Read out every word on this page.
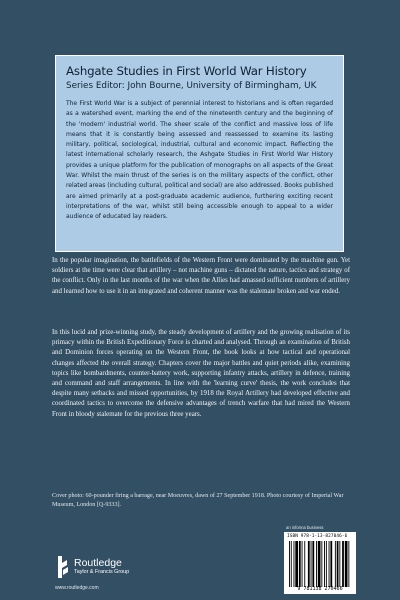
Ashgate Studies in First World War History

Series Editor: John Bourne, University of Birmingham, UK

The First World War is a subject of perennial interest to historians and is often regarded as a watershed event, marking the end of the nineteenth century and the beginning of the 'modern' industrial world. The sheer scale of the conflict and massive loss of life means that it is constantly being assessed and reassessed to examine its lasting military, political, sociological, industrial, cultural and economic impact. Reflecting the latest international scholarly research, the Ashgate Studies in First World War History provides a unique platform for the publication of monographs on all aspects of the Great War. Whilst the main thrust of the series is on the military aspects of the conflict, other related areas (including cultural, political and social) are also addressed. Books published are aimed primarily at a post-graduate academic audience, furthering exciting recent interpretations of the war, whilst still being accessible enough to appeal to a wider audience of educated lay readers.

In the popular imagination, the battlefields of the Western Front were dominated by the machine gun. Yet soldiers at the time were clear that artillery – not machine guns – dictated the nature, tactics and strategy of the conflict. Only in the last months of the war when the Allies had amassed sufficient numbers of artillery and learned how to use it in an integrated and coherent manner was the stalemate broken and war ended.

In this lucid and prize-winning study, the steady development of artillery and the growing realisation of its primacy within the British Expeditionary Force is charted and analysed. Through an examination of British and Dominion forces operating on the Western Front, the book looks at how tactical and operational changes affected the overall strategy. Chapters cover the major battles and quiet periods alike, examining topics like bombardments, counter-battery work, supporting infantry attacks, artillery in defence, training and command and staff arrangements. In line with the 'learning curve' thesis, the work concludes that despite many setbacks and missed opportunities, by 1918 the Royal Artillery had developed effective and coordinated tactics to overcome the defensive advantages of trench warfare that had mired the Western Front in bloody stalemate for the previous three years.

Cover photo: 60-pounder firing a barrage, near Moeuvres, dawn of 27 September 1918. Photo courtesy of Imperial War Museum, London [Q-9333].

an informa business
ISBN 978-1-13-827046-6
9 781138 270466

Routledge

Taylor & Francis Group

www.routledge.com
